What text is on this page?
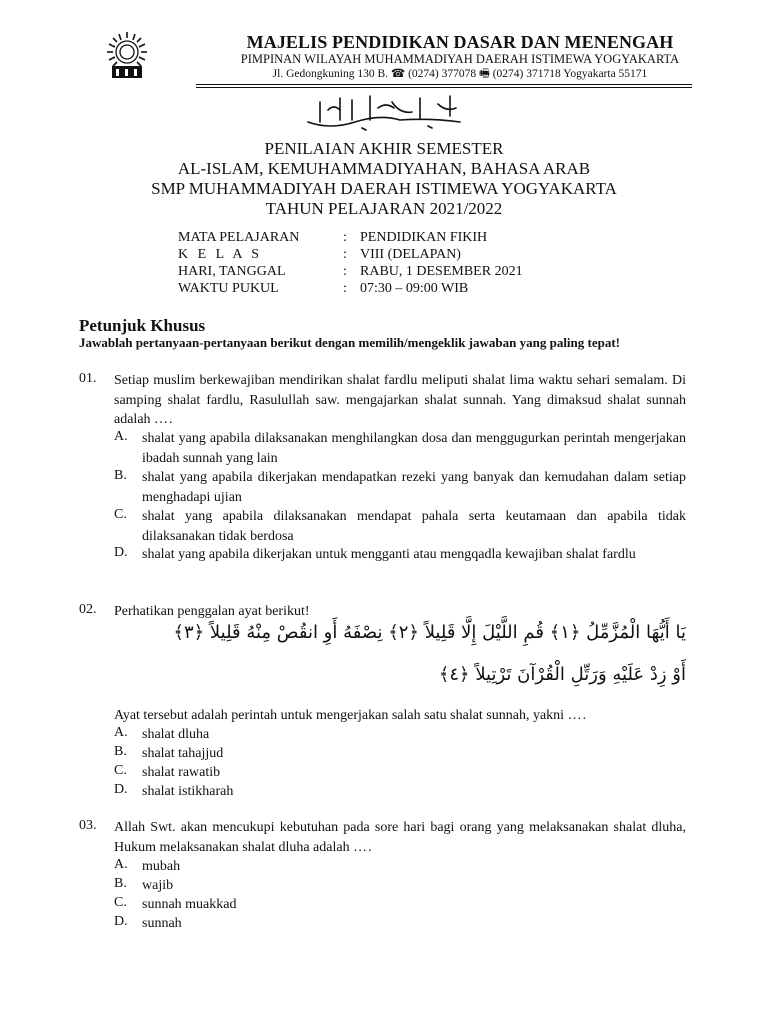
MAJELIS PENDIDIKAN DASAR DAN MENENGAH
PIMPINAN WILAYAH MUHAMMADIYAH DAERAH ISTIMEWA YOGYAKARTA
Jl. Gedongkuning 130 B. ☎ (0274) 377078 🖷 (0274) 371718 Yogyakarta 55171
PENILAIAN AKHIR SEMESTER
AL-ISLAM, KEMUHAMMADIYAHAN, BAHASA ARAB
SMP MUHAMMADIYAH DAERAH ISTIMEWA YOGYAKARTA
TAHUN PELAJARAN 2021/2022
MATA PELAJARAN	: PENDIDIKAN FIKIH
K E L A S	: VIII (DELAPAN)
HARI, TANGGAL	: RABU, 1 DESEMBER 2021
WAKTU PUKUL	: 07:30 – 09:00 WIB
Petunjuk Khusus
Jawablah pertanyaan-pertanyaan berikut dengan memilih/mengeklik jawaban yang paling tepat!
01. Setiap muslim berkewajiban mendirikan shalat fardlu meliputi shalat lima waktu sehari semalam. Di samping shalat fardlu, Rasulullah saw. mengajarkan shalat sunnah. Yang dimaksud shalat sunnah adalah ….
A. shalat yang apabila dilaksanakan menghilangkan dosa dan menggugurkan perintah mengerjakan ibadah sunnah yang lain
B. shalat yang apabila dikerjakan mendapatkan rezeki yang banyak dan kemudahan dalam setiap menghadapi ujian
C. shalat yang apabila dilaksanakan mendapat pahala serta keutamaan dan apabila tidak dilaksanakan tidak berdosa
D. shalat yang apabila dikerjakan untuk mengganti atau mengqadla kewajiban shalat fardlu
02. Perhatikan penggalan ayat berikut!
يَا أَيُّهَا الْمُزَّمِّلُ ﴿١﴾ قُمِ اللَّيْلَ إِلَّا قَلِيلاً ﴿٢﴾ نِصْفَهُ أَوِ انقُصْ مِنْهُ قَلِيلاً ﴿٣﴾
أَوْ زِدْ عَلَيْهِ وَرَتِّلِ الْقُرْآنَ تَرْتِيلاً ﴿٤﴾
Ayat tersebut adalah perintah untuk mengerjakan salah satu shalat sunnah, yakni ….
A. shalat dluha
B. shalat tahajjud
C. shalat rawatib
D. shalat istikharah
03. Allah Swt. akan mencukupi kebutuhan pada sore hari bagi orang yang melaksanakan shalat dluha, Hukum melaksanakan shalat dluha adalah ….
A. mubah
B. wajib
C. sunnah muakkad
D. sunnah
